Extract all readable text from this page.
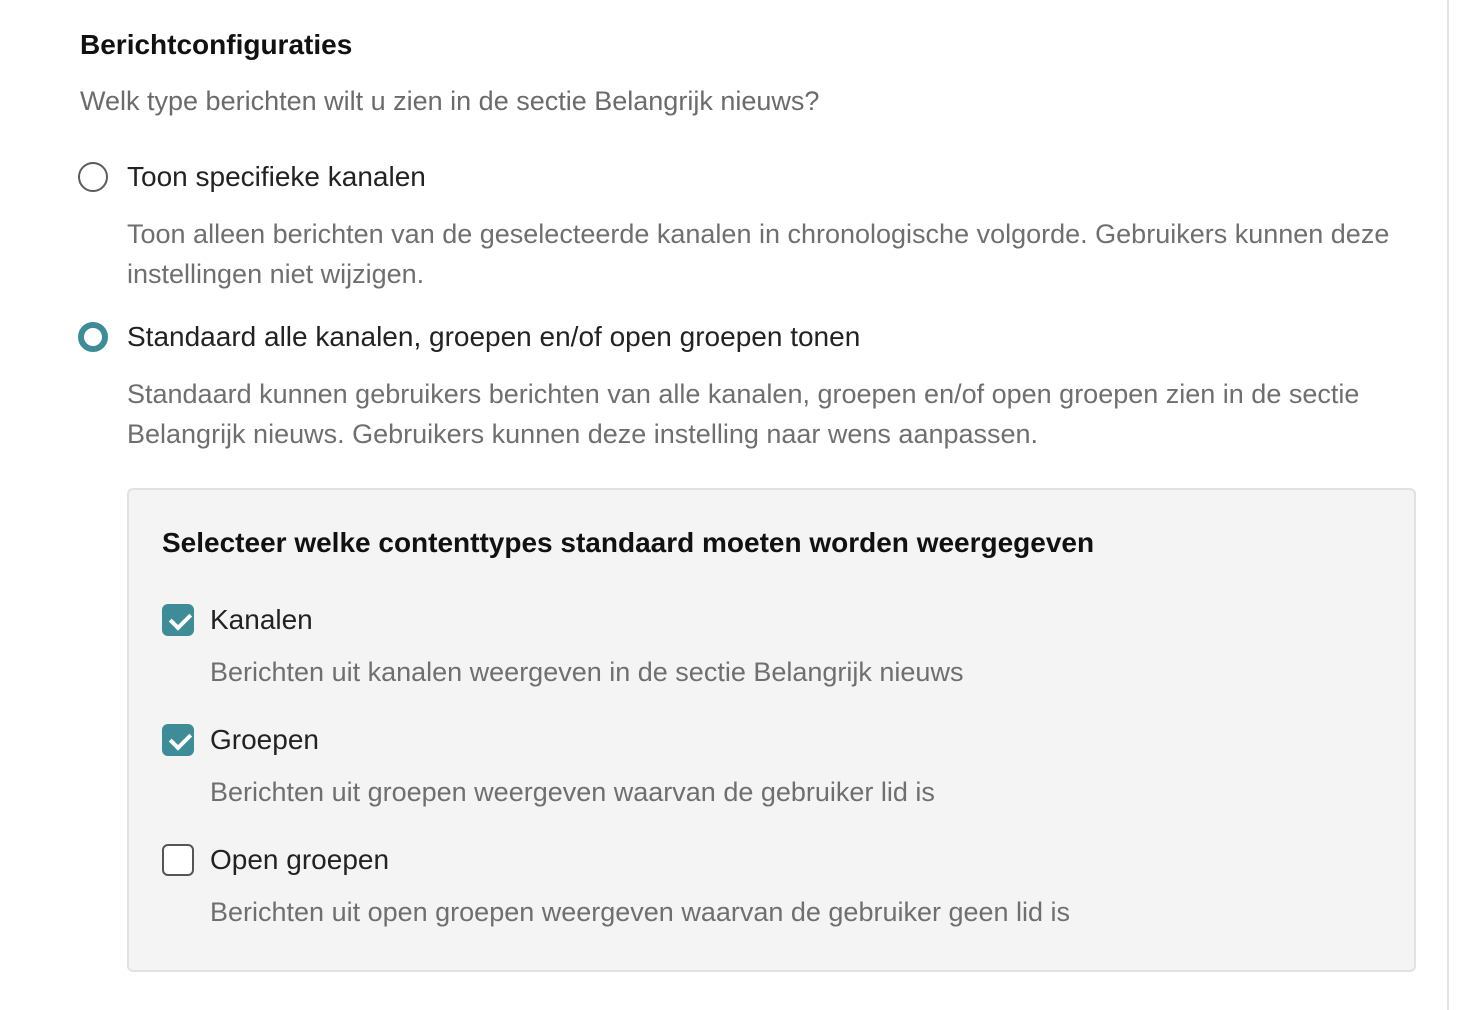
Berichtconfiguraties

Welk type berichten wilt u zien in de sectie Belangrijk nieuws?

Toon specifieke kanalen
Toon alleen berichten van de geselecteerde kanalen in chronologische volgorde. Gebruikers kunnen deze instellingen niet wijzigen.
Standaard alle kanalen, groepen en/of open groepen tonen
Standaard kunnen gebruikers berichten van alle kanalen, groepen en/of open groepen zien in de sectie Belangrijk nieuws. Gebruikers kunnen deze instelling naar wens aanpassen.
Selecteer welke contenttypes standaard moeten worden weergegeven
Kanalen
Berichten uit kanalen weergeven in de sectie Belangrijk nieuws
Groepen
Berichten uit groepen weergeven waarvan de gebruiker lid is
Open groepen
Berichten uit open groepen weergeven waarvan de gebruiker geen lid is
